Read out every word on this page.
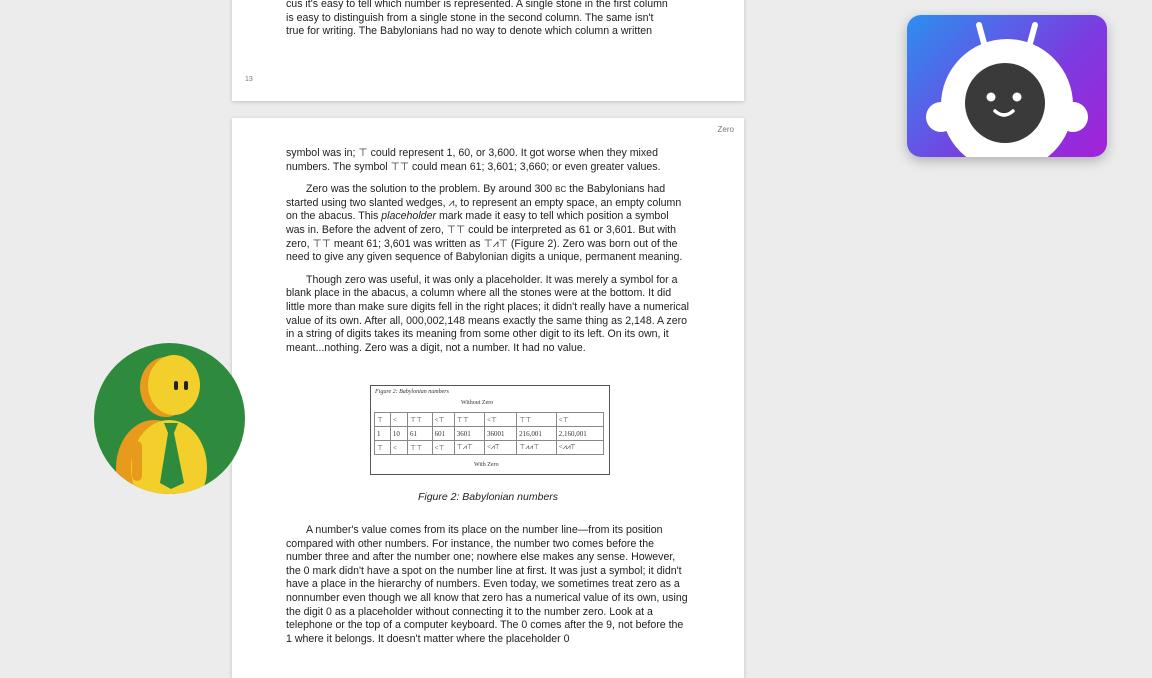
cus it's easy to tell which number is represented. A single stone in the first column
is easy to distinguish from a single stone in the second column. The same isn't
true for writing. The Babylonians had no way to denote which column a written
13
Zero

symbol was in; ⊤ could represent 1, 60, or 3,600. It got worse when they mixed numbers. The symbol ⊤⊤ could mean 61; 3,601; 3,660; or even greater values.

Zero was the solution to the problem. By around 300 BC the Babylonians had started using two slanted wedges, ⩘, to represent an empty space, an empty column on the abacus. This placeholder mark made it easy to tell which position a symbol was in. Before the advent of zero, ⊤⊤ could be interpreted as 61 or 3,601. But with zero, ⊤⊤ meant 61; 3,601 was written as ⊤⩘⊤ (Figure 2). Zero was born out of the need to give any given sequence of Babylonian digits a unique, permanent meaning.

Though zero was useful, it was only a placeholder. It was merely a symbol for a blank place in the abacus, a column where all the stones were at the bottom. It did little more than make sure digits fell in the right places; it didn't really have a numerical value of its own. After all, 000,002,148 means exactly the same thing as 2,148. A zero in a string of digits takes its meaning from some other digit to its left. On its own, it meant...nothing. Zero was a digit, not a number. It had no value.

Figure 2: Babylonian numbers
Without Zero
⊤	<	⊤⊤	<⊤	⊤⊤	<⊤	⊤⊤	<⊤
1	10	61	601	3601	36001	216,001	2,160,001
⊤	<	⊤⊤	<⊤	⊤⩘⊤	<⩘⊤	⊤⩘⩘⊤	<⩘⩘⊤
With Zero
Figure 2: Babylonian numbers

A number's value comes from its place on the number line—from its position compared with other numbers. For instance, the number two comes before the number three and after the number one; nowhere else makes any sense. However, the 0 mark didn't have a spot on the number line at first. It was just a symbol; it didn't have a place in the hierarchy of numbers. Even today, we sometimes treat zero as a nonnumber even though we all know that zero has a numerical value of its own, using the digit 0 as a placeholder without connecting it to the number zero. Look at a telephone or the top of a computer keyboard. The 0 comes after the 9, not before the 1 where it belongs. It doesn't matter where the placeholder 0
